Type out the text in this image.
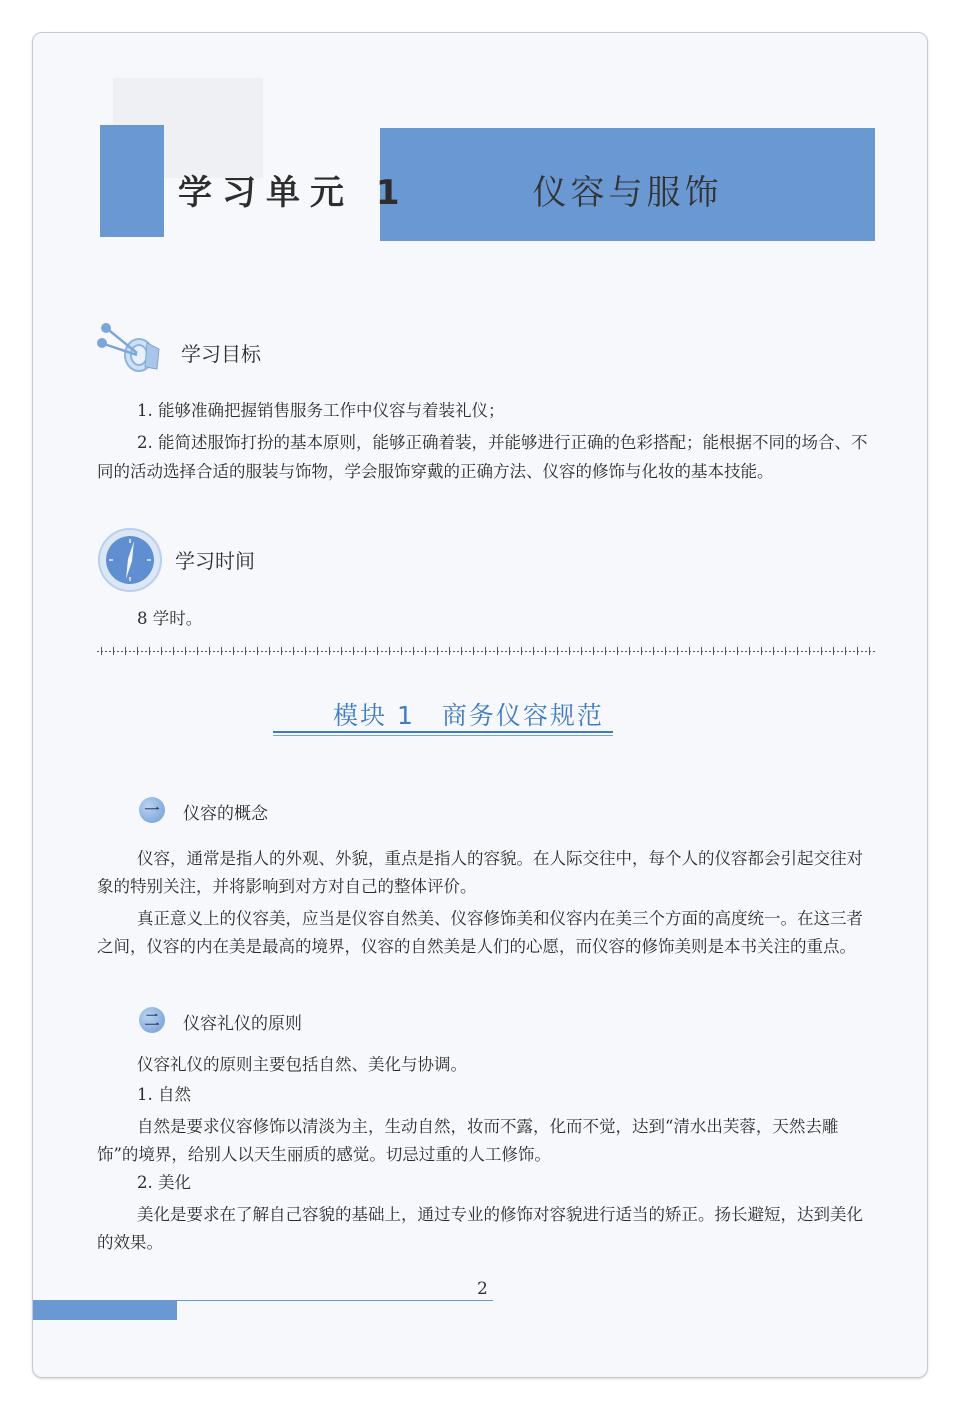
学习单元 1	仪容与服饰
学习目标
1. 能够准确把握销售服务工作中仪容与着装礼仪；
2. 能简述服饰打扮的基本原则，能够正确着装，并能够进行正确的色彩搭配；能根据不同的场合、不同的活动选择合适的服装与饰物，学会服饰穿戴的正确方法、仪容的修饰与化妆的基本技能。
学习时间
8 学时。
模块 1　商务仪容规范
一	仪容的概念
仪容，通常是指人的外观、外貌，重点是指人的容貌。在人际交往中，每个人的仪容都会引起交往对象的特别关注，并将影响到对方对自己的整体评价。
真正意义上的仪容美，应当是仪容自然美、仪容修饰美和仪容内在美三个方面的高度统一。在这三者之间，仪容的内在美是最高的境界，仪容的自然美是人们的心愿，而仪容的修饰美则是本书关注的重点。
二	仪容礼仪的原则
仪容礼仪的原则主要包括自然、美化与协调。
1. 自然
自然是要求仪容修饰以清淡为主，生动自然，妆而不露，化而不觉，达到“清水出芙蓉，天然去雕饰”的境界，给别人以天生丽质的感觉。切忌过重的人工修饰。
2. 美化
美化是要求在了解自己容貌的基础上，通过专业的修饰对容貌进行适当的矫正。扬长避短，达到美化的效果。
2
